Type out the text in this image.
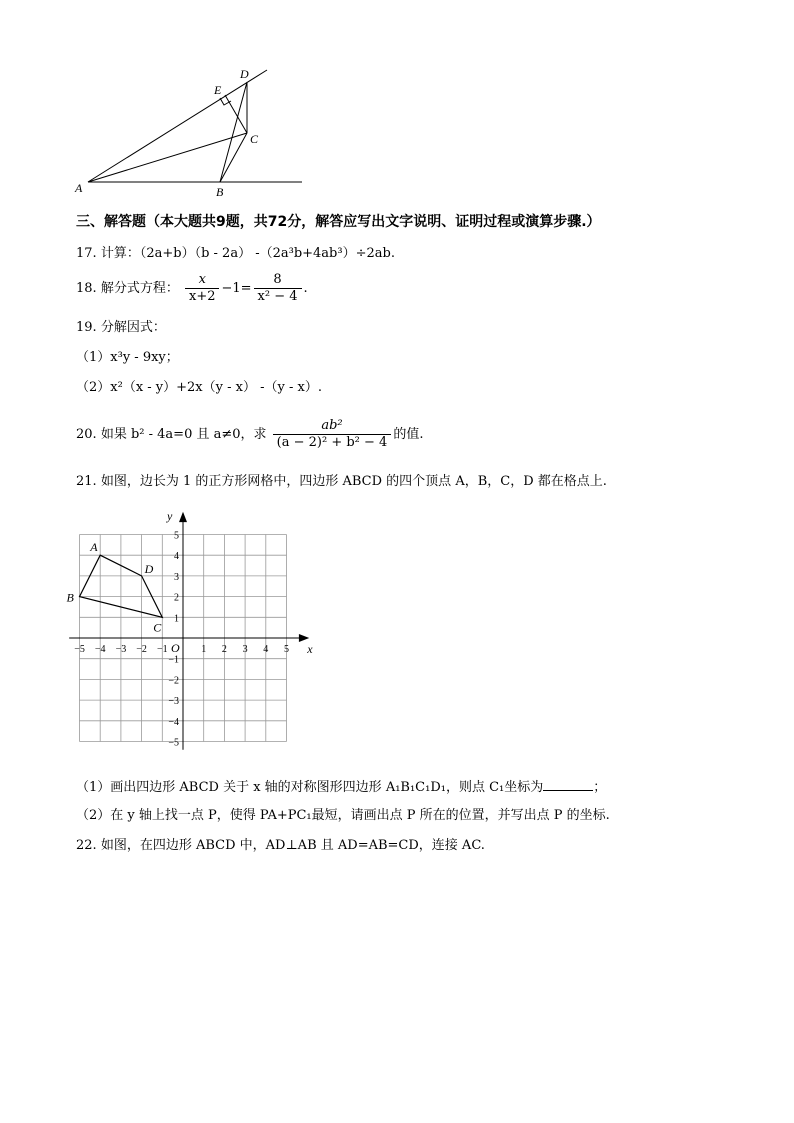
A	B
C
D
E
三、解答题（本大题共9题，共72分，解答应写出文字说明、证明过程或演算步骤.）
17. 计算：（2a+b）（b - 2a） -（2a³b+4ab³）÷2ab.
18. 解分式方程： $\frac{x}{x+2} -1= \frac{8}{\text{x² − 4}}$ .
19. 分解因式：
（1）x³y - 9xy；
（2）x²（x - y）+2x（y - x） -（y - x）.
20. 如果 b² - 4a=0 且 a≠0，求 $\frac{\text{ab²}}{\text{(a − 2)² + b² − 4}}$ 的值.
21. 如图，边长为 1 的正方形网格中，四边形 ABCD 的四个顶点 A，B，C，D 都在格点上.
x
y
O
−5 −4 −3 −2 −1	1 2 3 4 5
5
4
3
2
1
−1
−2
−3
−4
−5
A
B
C
D
（1）画出四边形 ABCD 关于 x 轴的对称图形四边形 A₁B₁C₁D₁，则点 C₁坐标为	；
（2）在 y 轴上找一点 P，使得 PA+PC₁最短，请画出点 P 所在的位置，并写出点 P 的坐标.
22. 如图，在四边形 ABCD 中，AD⊥AB 且 AD=AB=CD，连接 AC.
